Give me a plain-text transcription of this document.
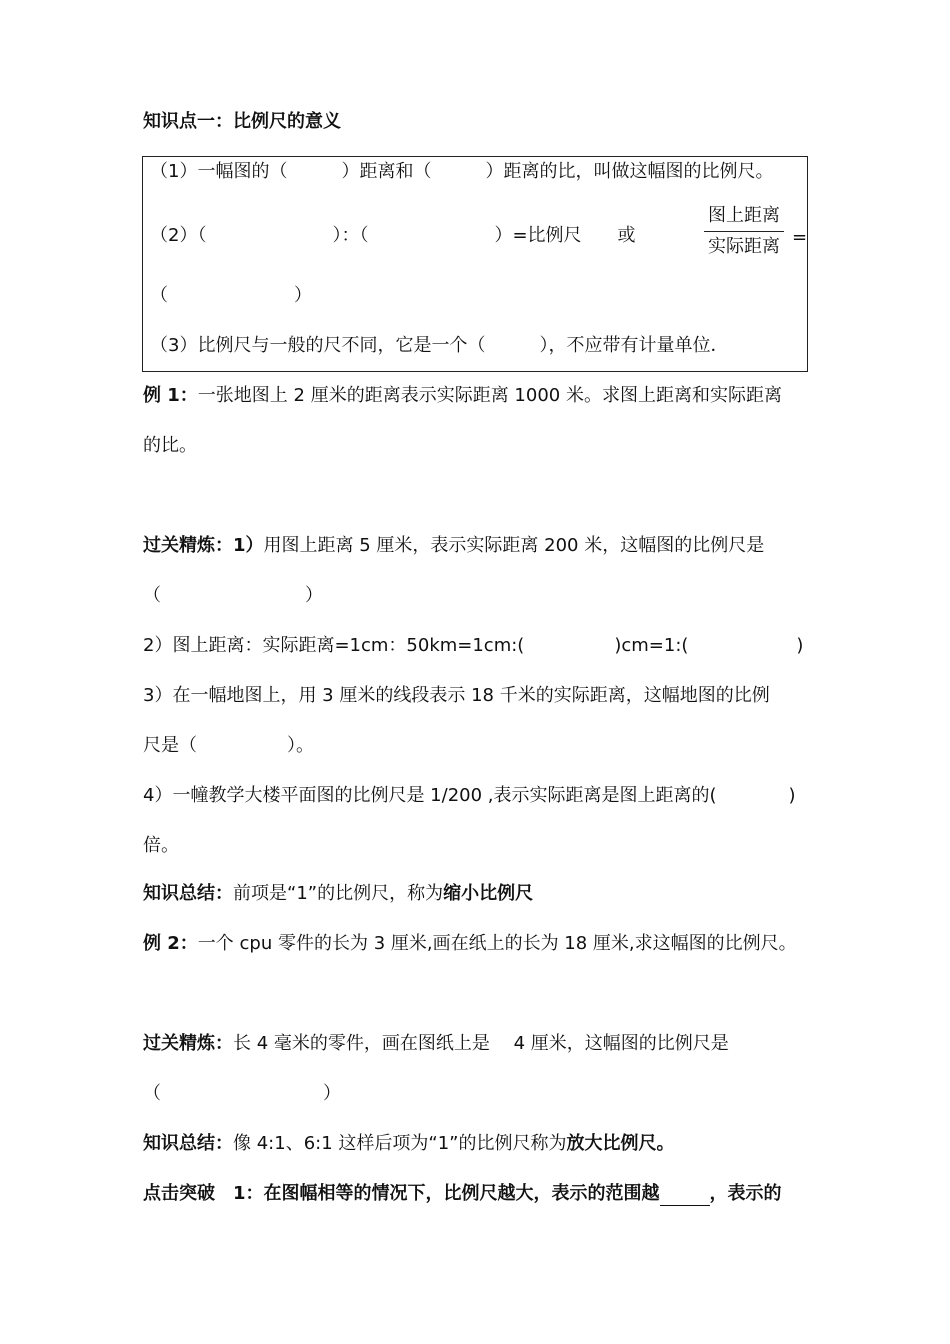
知识点一：比例尺的意义
（1）一幅图的（　　　）距离和（　　　）距离的比，叫做这幅图的比例尺。
（2）（　　　　　　　）：（　　　　　　　）=比例尺　　或
图上距离
实际距离 =
（　　　　　　　）
（3）比例尺与一般的尺不同，它是一个（　　　），不应带有计量单位．
例 1：一张地图上 2 厘米的距离表示实际距离 1000 米。求图上距离和实际距离
的比。
过关精炼：1）用图上距离 5 厘米，表示实际距离 200 米，这幅图的比例尺是
（　　　　　　　　）
2）图上距离：实际距离=1cm：50km=1cm:(　　　　　)cm=1:(　　　　　　)
3）在一幅地图上，用 3 厘米的线段表示 18 千米的实际距离，这幅地图的比例
尺是（　　　　　）。
4）一幢教学大楼平面图的比例尺是 1/200 ,表示实际距离是图上距离的(　　　　)
倍。
知识总结：前项是“1”的比例尺，称为缩小比例尺
例 2：一个 cpu 零件的长为 3 厘米,画在纸上的长为 18 厘米,求这幅图的比例尺。
过关精炼：长 4 毫米的零件，画在图纸上是　 4 厘米，这幅图的比例尺是
（　　　　　　　　　）
知识总结：像 4:1、6:1 这样后项为“1”的比例尺称为放大比例尺。
点击突破　1：在图幅相等的情况下，比例尺越大，表示的范围越	，表示的
